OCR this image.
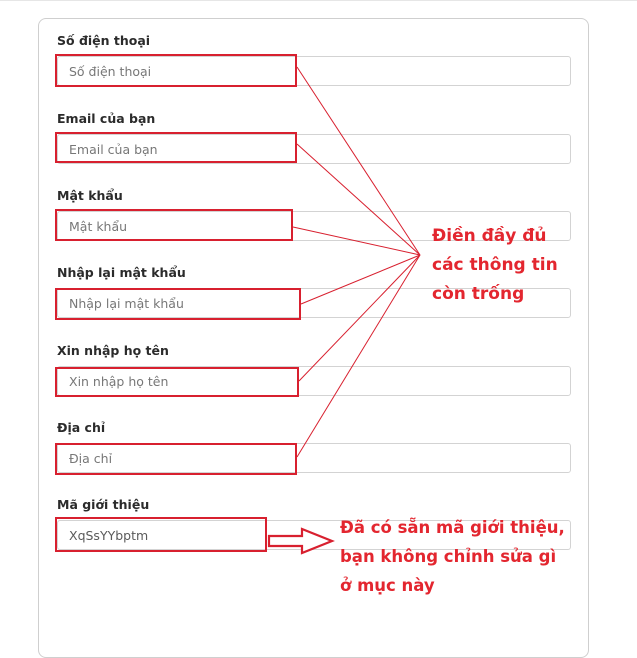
Số điện thoại
Số điện thoại
Email của bạn
Email của bạn
Mật khẩu
Mật khẩu
Nhập lại mật khẩu
Nhập lại mật khẩu
Xin nhập họ tên
Xin nhập họ tên
Địa chỉ
Địa chỉ
Mã giới thiệu
XqSsYYbptm
Điền đầy đủ
các thông tin
còn trống
Đã có sẵn mã giới thiệu,
bạn không chỉnh sửa gì
ở mục này
